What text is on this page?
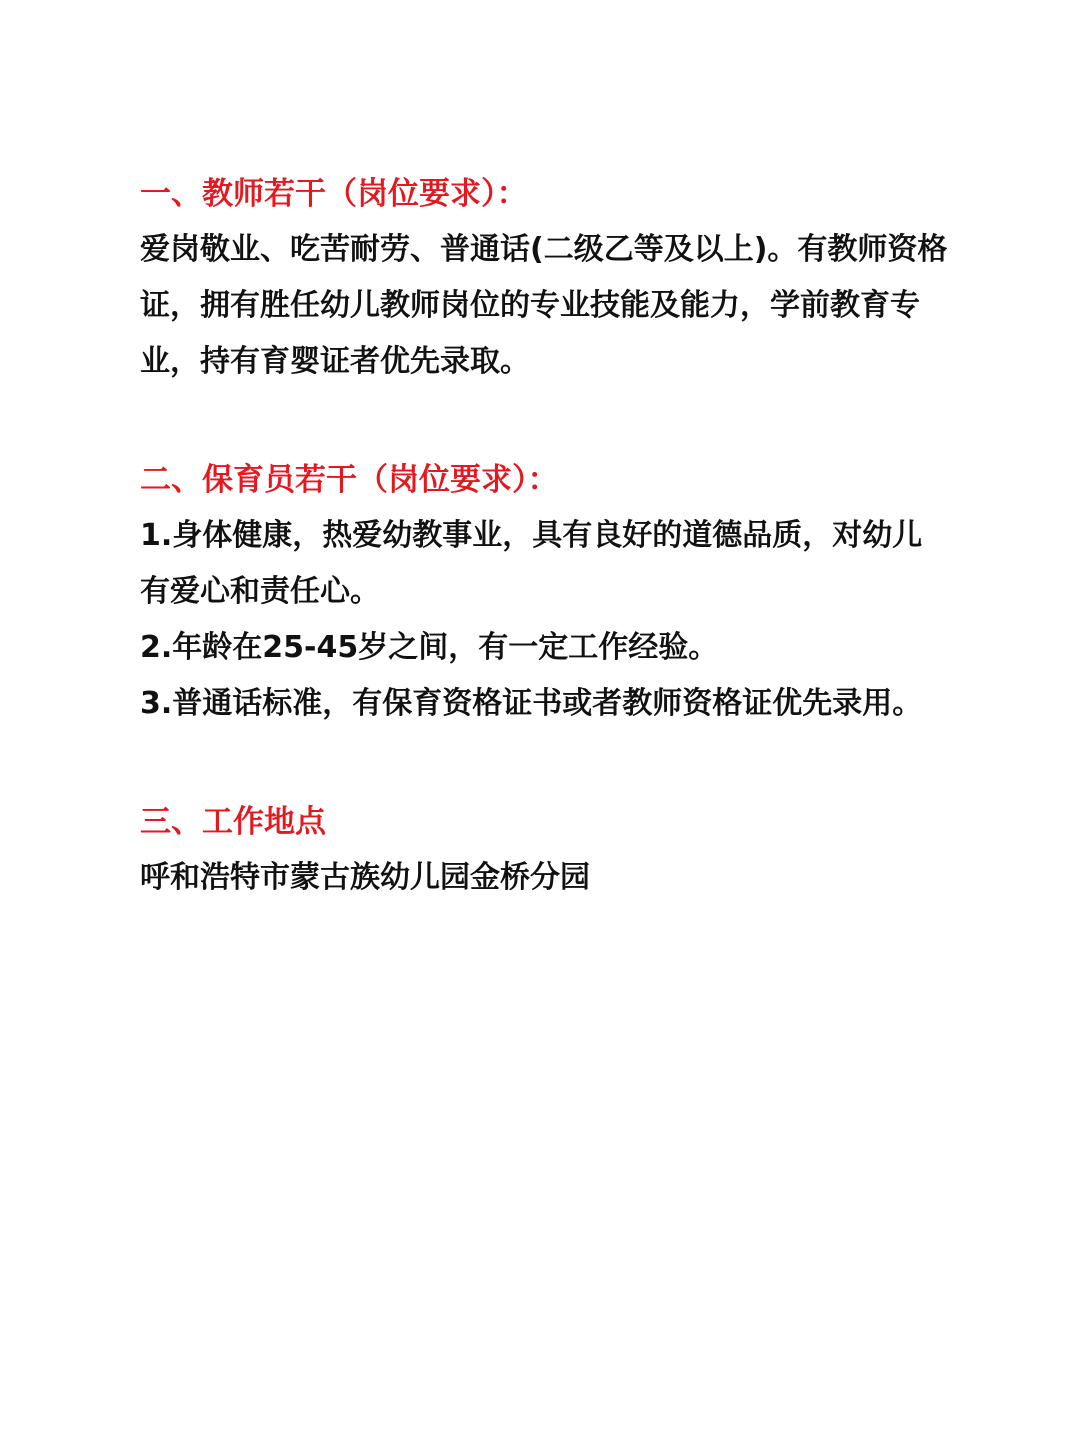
一、教师若干（岗位要求）：

爱岗敬业、吃苦耐劳、普通话(二级乙等及以上)。有教师资格证，拥有胜任幼儿教师岗位的专业技能及能力，学前教育专业，持有育婴证者优先录取。

二、保育员若干（岗位要求）：

1.身体健康，热爱幼教事业，具有良好的道德品质，对幼儿有爱心和责任心。

2.年龄在25-45岁之间，有一定工作经验。

3.普通话标准，有保育资格证书或者教师资格证优先录用。

三、工作地点

呼和浩特市蒙古族幼儿园金桥分园
